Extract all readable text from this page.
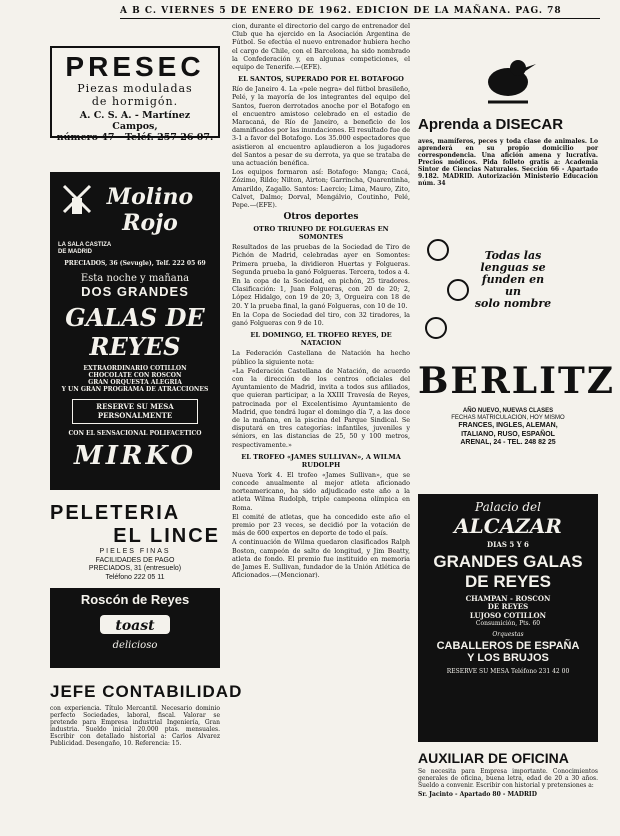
A B C. VIERNES 5 DE ENERO DE 1962. EDICION DE LA MAÑANA. PAG. 78
PRESEC
Piezas moduladas
de hormigón.
A. C. S. A. - Martínez Campos,
número 47 - Teléf. 257 26 07.
Molino
Rojo
LA SALA CASTIZA
DE MADRID
PRECIADOS, 36 (Sevugle), Telf. 222 05 69
Esta noche y mañana
DOS GRANDES
GALAS DE
REYES
EXTRAORDINARIO COTILLON
CHOCOLATE CON ROSCON
GRAN ORQUESTA ALEGRIA
Y UN GRAN PROGRAMA DE ATRACCIONES
RESERVE SU MESA
PERSONALMENTE
CON EL SENSACIONAL POLIFACETICO
MIRKO
PELETERIA
EL LINCE
PIELES FINAS
FACILIDADES DE PAGO
PRECIADOS, 31 (entresuelo)
Teléfono 222 05 11
Roscón de Reyes
toast
delicioso
JEFE CONTABILIDAD
con experiencia. Título Mercantil. Necesario dominio perfecto Sociedades, laboral, fiscal. Valorar se pretende para Empresa industrial Ingeniería, Gran industria. Sueldo inicial 20.000 ptas. mensuales. Escribir con detallado historial a: Carlos Alvarez Publicidad. Desengaño, 10. Referencia: 15.

cion, durante el directorio del cargo de entrenador del Club que ha ejercido en la Asociación Argentina de Fútbol. Se efectúa el nuevo entrenador hubiera hecho el cargo de Chile, con el Barcelona, ha sido nombrado la Confederación y, en algunas competiciones, el equipo de Tenerife.—(EFE).

EL SANTOS, SUPERADO POR EL BOTAFOGO

Río de Janeiro 4. La «pele negra» del fútbol brasileño, Pelé, y la mayoría de los integrantes del equipo del Santos, fueron derrotados anoche por el Botafogo en el encuentro amistoso celebrado en el estadio de Maracaná, de Río de Janeiro, a beneficio de los damnificados por las inundaciones. El resultado fue de 3-1 a favor del Botafogo. Los 35.000 espectadores que asistieron al encuentro aplaudieron a los jugadores del Santos a pesar de su derrota, ya que se trataba de una actuación benéfica.

Los equipos formaron así: Botafogo: Manga; Cacá, Zózimo, Rildo; Nilton, Airton; Garrincha, Quarentinha, Amarildo, Zagallo. Santos: Laercio; Lima, Mauro, Zito, Calvet, Dalmo; Dorval, Mengálvio, Coutinho, Pelé, Pepe.—(EFE).

Otros deportes
OTRO TRIUNFO DE FOLGUERAS EN SOMONTES

Resultados de las pruebas de la Sociedad de Tiro de Pichón de Madrid, celebradas ayer en Somontes: Primera prueba, la dividieron Huertas y Folgueras. Segunda prueba la ganó Folgueras. Tercera, todos a 4.

En la copa de la Sociedad, en pichón, 25 tiradores. Clasificación: 1, Juan Folgueras, con 20 de 20; 2, López Hidalgo, con 19 de 20; 3, Orgueira con 18 de 20. Y la prueba final, la ganó Folgueras, con 10 de 10.

En la Copa de Sociedad del tiro, con 32 tiradores, la ganó Folgueras con 9 de 10.

EL DOMINGO, EL TROFEO REYES, DE NATACION

La Federación Castellana de Natación ha hecho público la siguiente nota:

«La Federación Castellana de Natación, de acuerdo con la dirección de los centros oficiales del Ayuntamiento de Madrid, invita a todos sus afiliados, que quieran participar, a la XXIII Travesía de Reyes, patrocinada por el Excelentísimo Ayuntamiento de Madrid, que tendrá lugar el domingo día 7, a las doce de la mañana, en la piscina del Parque Sindical. Se disputará en tres categorías: infantiles, juveniles y séniors, en las distancias de 25, 50 y 100 metros, respectivamente.»

EL TROFEO «JAMES SULLIVAN», A WILMA RUDOLPH

Nueva York 4. El trofeo «James Sullivan», que se concede anualmente al mejor atleta aficionado norteamericano, ha sido adjudicado este año a la atleta Wilma Rudolph, triple campeona olímpica en Roma.

El comité de atletas, que ha concedido este año el premio por 23 veces, se decidió por la votación de más de 600 expertos en deporte de todo el país.

A continuación de Wilma quedaron clasificados Ralph Boston, campeón de salto de longitud, y Jim Beatty, atleta de fondo. El premio fue instituido en memoria de James E. Sullivan, fundador de la Unión Atlética de Aficionados.—(Mencionar).

Aprenda a DISECAR
aves, mamíferos, peces y toda clase de animales. Lo aprenderá en su propio domicilio por correspondencia. Una afición amena y lucrativa. Precios módicos. Pida folleto gratis a: Academia Sintor de Ciencias Naturales. Sección 66 - Apartado 9.182. MADRID. Autorización Ministerio Educación núm. 34
Todas las
lenguas se
funden en un
solo nombre
BERLITZ
AÑO NUEVO, NUEVAS CLASES
FECHAS MATRICULACION, HOY MISMO
FRANCES, INGLES, ALEMAN,
ITALIANO, RUSO, ESPAÑOL
ARENAL, 24 - TEL. 248 82 25
Palacio del
ALCAZAR
DIAS 5 Y 6
GRANDES GALAS
DE REYES
CHAMPAN - ROSCON
DE REYES
LUJOSO COTILLON
Consumición, Pts. 60
Orquestas
CABALLEROS DE ESPAÑA
Y LOS BRUJOS
RESERVE SU MESA Teléfono 231 42 00
AUXILIAR DE OFICINA
Se necesita para Empresa importante. Conocimientos generales de oficina, buena letra, edad de 20 a 30 años. Sueldo a convenir. Escribir con historial y pretensiones a:
Sr. Jacinto - Apartado 80 - MADRID
